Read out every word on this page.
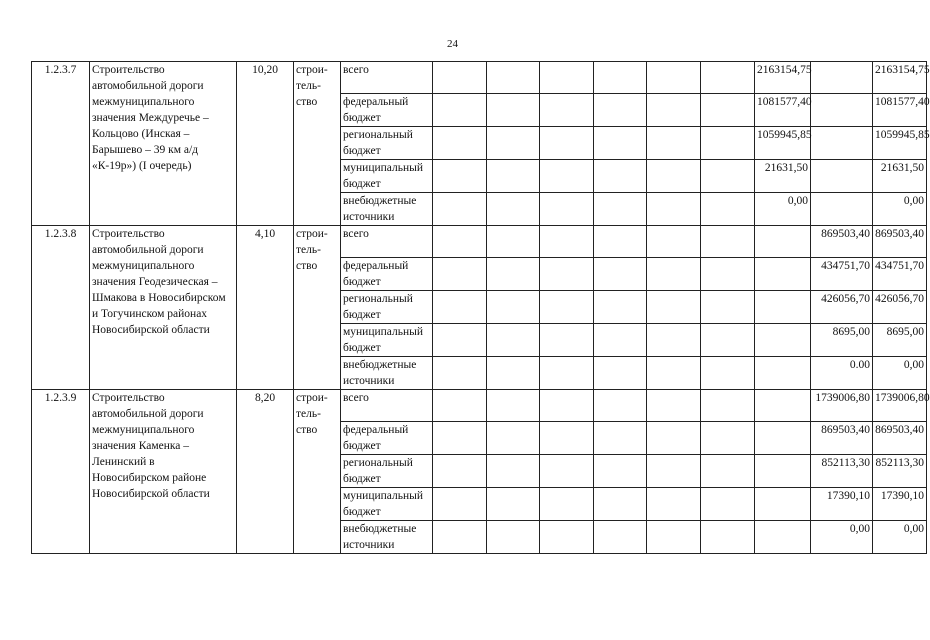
24
1.2.3.7	Строительство автомобильной дороги межмуниципального значения Междуречье – Кольцово (Инская – Барышево – 39 км а/д «К-19р») (I очередь)	10,20	строи-тель-ство	всего							2163154,75		2163154,75
				федеральный бюджет							1081577,40		1081577,40
				региональный бюджет							1059945,85		1059945,85
				муниципальный бюджет							21631,50		21631,50
				внебюджетные источники							0,00		0,00
1.2.3.8	Строительство автомобильной дороги межмуниципального значения Геодезическая – Шмакова в Новосибирском и Тогучинском районах Новосибирской области	4,10	строи-тель-ство	всего								869503,40	869503,40
				федеральный бюджет								434751,70	434751,70
				региональный бюджет								426056,70	426056,70
				муниципальный бюджет								8695,00	8695,00
				внебюджетные источники								0.00	0,00
1.2.3.9	Строительство автомобильной дороги межмуниципального значения Каменка – Ленинский в Новосибирском районе Новосибирской области	8,20	строи-тель-ство	всего								1739006,80	1739006,80
				федеральный бюджет								869503,40	869503,40
				региональный бюджет								852113,30	852113,30
				муниципальный бюджет								17390,10	17390,10
				внебюджетные источники								0,00	0,00
